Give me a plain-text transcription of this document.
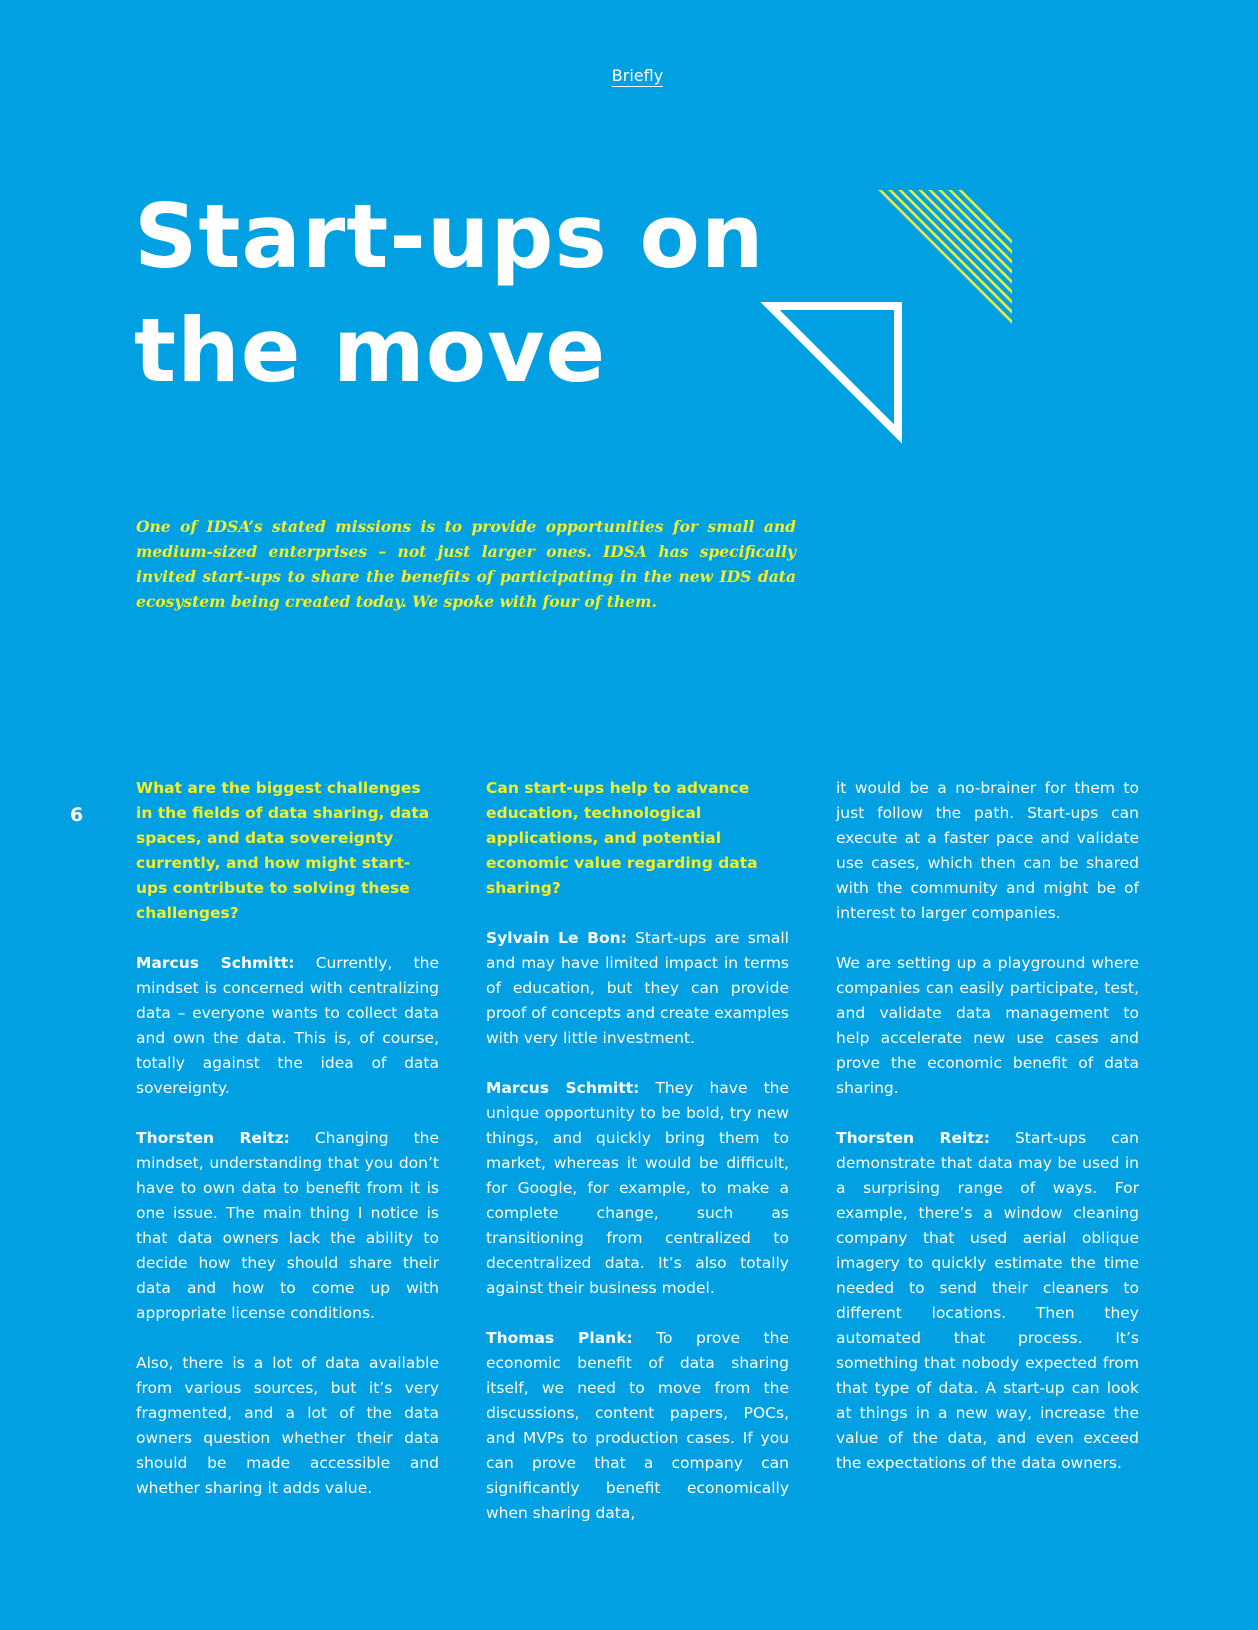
Briefly
Start-ups on
the move

One of IDSA’s stated missions is to provide opportunities for small and medium-sized enterprises – not just larger ones. IDSA has specifically invited start-ups to share the benefits of participating in the new IDS data ecosystem being created today. We spoke with four of them.

6

What are the biggest challenges in the fields of data sharing, data spaces, and data sovereignty currently, and how might start-ups contribute to solving these challenges?

Marcus Schmitt: Currently, the mindset is concerned with centralizing data – everyone wants to collect data and own the data. This is, of course, totally against the idea of data sovereignty.

Thorsten Reitz: Changing the mindset, understanding that you don’t have to own data to benefit from it is one issue. The main thing I notice is that data owners lack the ability to decide how they should share their data and how to come up with appropriate license conditions.

Also, there is a lot of data available from various sources, but it’s very fragmented, and a lot of the data owners question whether their data should be made accessible and whether sharing it adds value.

Can start-ups help to advance education, technological applications, and potential economic value regarding data sharing?

Sylvain Le Bon: Start-ups are small and may have limited impact in terms of education, but they can provide proof of concepts and create examples with very little investment.

Marcus Schmitt: They have the unique opportunity to be bold, try new things, and quickly bring them to market, whereas it would be difficult, for Google, for example, to make a complete change, such as transitioning from centralized to decentralized data. It’s also totally against their business model.

Thomas Plank: To prove the economic benefit of data sharing itself, we need to move from the discussions, content papers, POCs, and MVPs to production cases. If you can prove that a company can significantly benefit economically when sharing data,

it would be a no-brainer for them to just follow the path. Start-ups can execute at a faster pace and validate use cases, which then can be shared with the community and might be of interest to larger companies.

We are setting up a playground where companies can easily participate, test, and validate data management to help accelerate new use cases and prove the economic benefit of data sharing.

Thorsten Reitz: Start-ups can demonstrate that data may be used in a surprising range of ways. For example, there’s a window cleaning company that used aerial oblique imagery to quickly estimate the time needed to send their cleaners to different locations. Then they automated that process. It’s something that nobody expected from that type of data. A start-up can look at things in a new way, increase the value of the data, and even exceed the expectations of the data owners.
